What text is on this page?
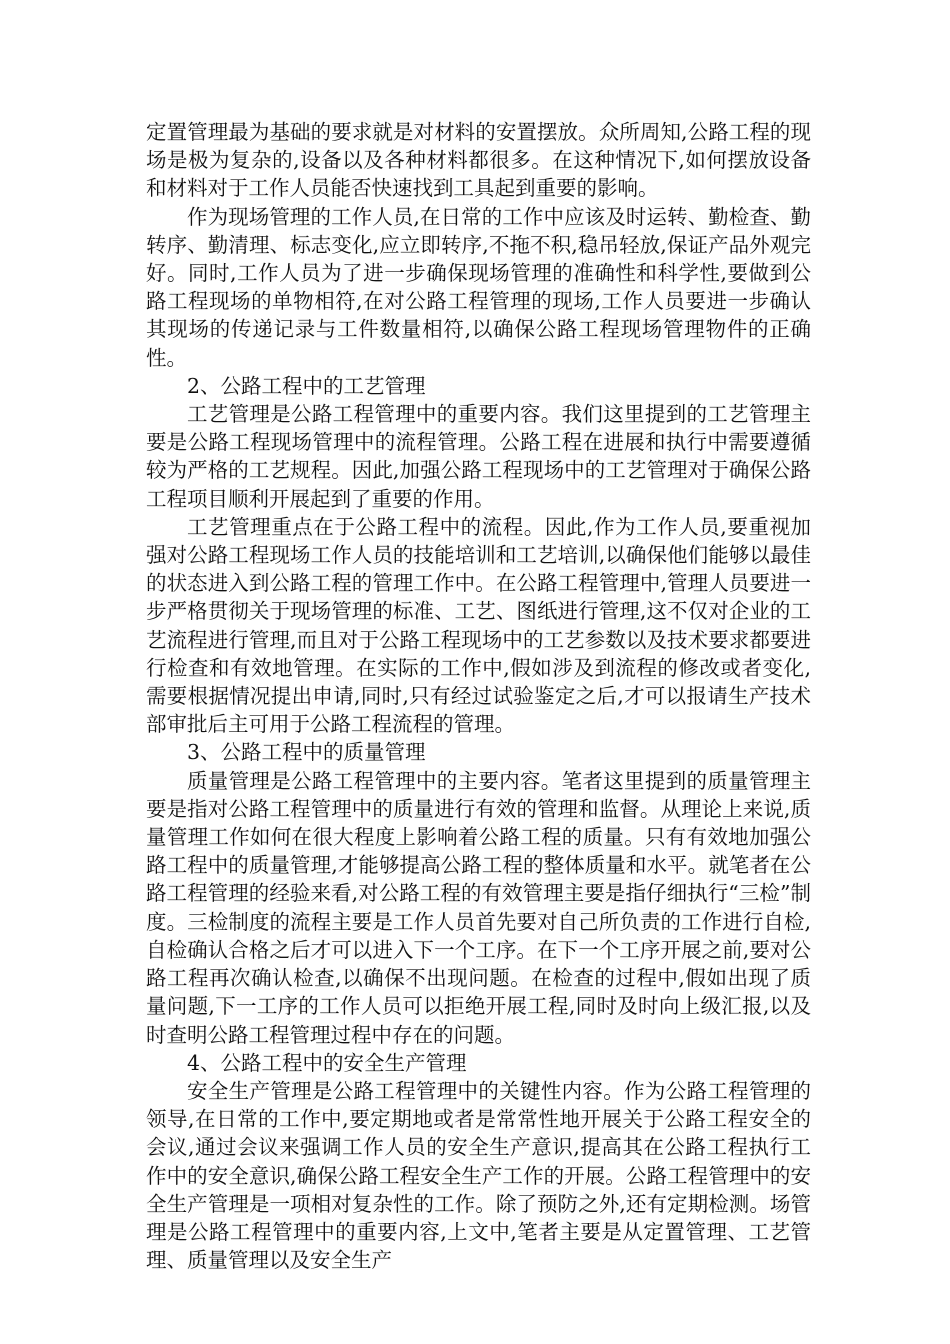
定置管理最为基础的要求就是对材料的安置摆放。众所周知,公路工程的现场是极为复杂的,设备以及各种材料都很多。在这种情况下,如何摆放设备和材料对于工作人员能否快速找到工具起到重要的影响。

作为现场管理的工作人员,在日常的工作中应该及时运转、勤检查、勤转序、勤清理、标志变化,应立即转序,不拖不积,稳吊轻放,保证产品外观完好。同时,工作人员为了进一步确保现场管理的准确性和科学性,要做到公路工程现场的单物相符,在对公路工程管理的现场,工作人员要进一步确认其现场的传递记录与工件数量相符,以确保公路工程现场管理物件的正确性。

2、公路工程中的工艺管理

工艺管理是公路工程管理中的重要内容。我们这里提到的工艺管理主要是公路工程现场管理中的流程管理。公路工程在进展和执行中需要遵循较为严格的工艺规程。因此,加强公路工程现场中的工艺管理对于确保公路工程项目顺利开展起到了重要的作用。

工艺管理重点在于公路工程中的流程。因此,作为工作人员,要重视加强对公路工程现场工作人员的技能培训和工艺培训,以确保他们能够以最佳的状态进入到公路工程的管理工作中。在公路工程管理中,管理人员要进一步严格贯彻关于现场管理的标准、工艺、图纸进行管理,这不仅对企业的工艺流程进行管理,而且对于公路工程现场中的工艺参数以及技术要求都要进行检查和有效地管理。在实际的工作中,假如涉及到流程的修改或者变化,需要根据情况提出申请,同时,只有经过试验鉴定之后,才可以报请生产技术部审批后主可用于公路工程流程的管理。

3、公路工程中的质量管理

质量管理是公路工程管理中的主要内容。笔者这里提到的质量管理主要是指对公路工程管理中的质量进行有效的管理和监督。从理论上来说,质量管理工作如何在很大程度上影响着公路工程的质量。只有有效地加强公路工程中的质量管理,才能够提高公路工程的整体质量和水平。就笔者在公路工程管理的经验来看,对公路工程的有效管理主要是指仔细执行“三检”制度。三检制度的流程主要是工作人员首先要对自己所负责的工作进行自检,自检确认合格之后才可以进入下一个工序。在下一个工序开展之前,要对公路工程再次确认检查,以确保不出现问题。在检查的过程中,假如出现了质量问题,下一工序的工作人员可以拒绝开展工程,同时及时向上级汇报,以及时查明公路工程管理过程中存在的问题。

4、公路工程中的安全生产管理

安全生产管理是公路工程管理中的关键性内容。作为公路工程管理的领导,在日常的工作中,要定期地或者是常常性地开展关于公路工程安全的会议,通过会议来强调工作人员的安全生产意识,提高其在公路工程执行工作中的安全意识,确保公路工程安全生产工作的开展。公路工程管理中的安全生产管理是一项相对复杂性的工作。除了预防之外,还有定期检测。场管理是公路工程管理中的重要内容,上文中,笔者主要是从定置管理、工艺管理、质量管理以及安全生产
